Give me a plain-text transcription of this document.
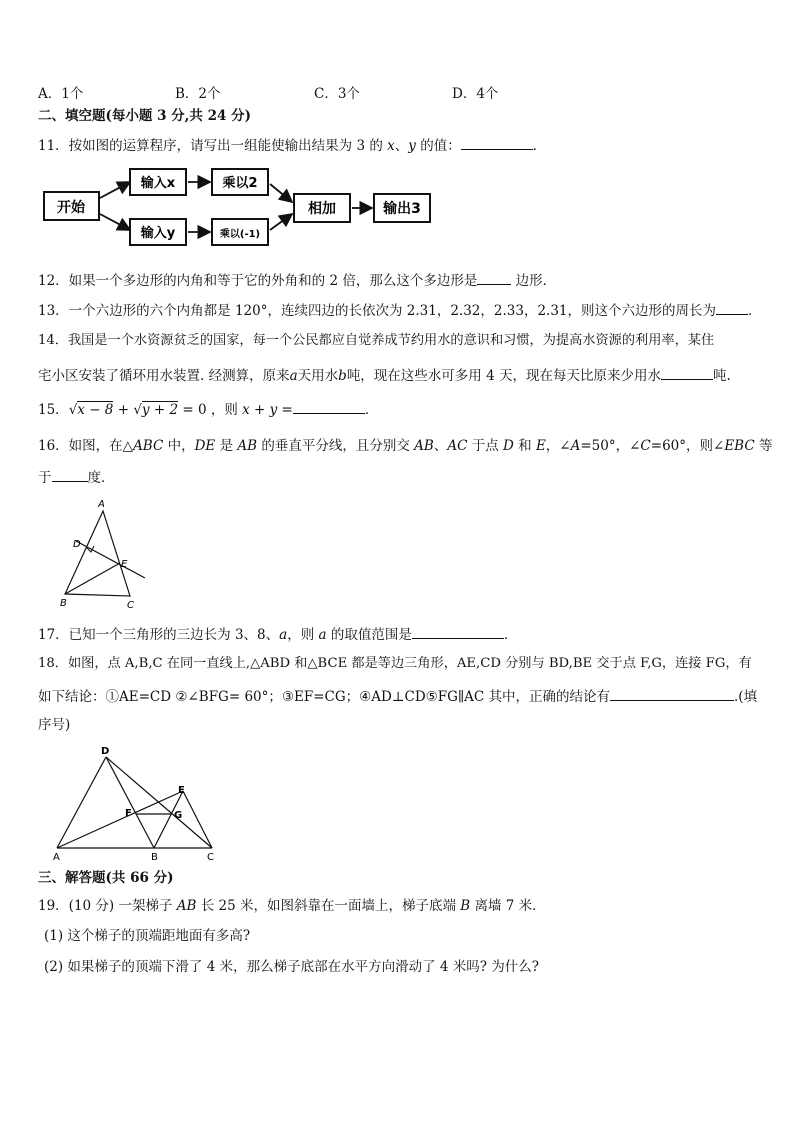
A．1个	B．2个	C．3个	D．4个
二、填空题(每小题 3 分,共 24 分)
11．按如图的运算程序，请写出一组能使输出结果为 3 的 x、y 的值：	．
开始
输入x
输入y
乘以2
乘以(-1)
相加	输出3
12．如果一个多边形的内角和等于它的外角和的 2 倍，那么这个多边形是	边形．
13．一个六边形的六个内角都是 120°，连续四边的长依次为 2.31，2.32，2.33，2.31，则这个六边形的周长为 ．
14．我国是一个水资源贫乏的国家，每一个公民都应自觉养成节约用水的意识和习惯，为提高水资源的利用率，某住
宅小区安装了循环用水装置. 经测算，原来a天用水b吨，现在这些水可多用 4 天，现在每天比原来少用水	吨.
15．√x − 8 + √y + 2 = 0 ，则 x + y =	．
16．如图，在△ABC 中，DE 是 AB 的垂直平分线，且分别交 AB、AC 于点 D 和 E，∠A=50°，∠C=60°，则∠EBC 等
于	度．
A
D
E
B	C
17．已知一个三角形的三边长为 3、8、a，则 a 的取值范围是	．
18．如图，点 A,B,C 在同一直线上,△ABD 和△BCE 都是等边三角形，AE,CD 分别与 BD,BE 交于点 F,G，连接 FG，有
如下结论：①AE=CD ②∠BFG= 60°；③EF=CG；④AD⊥CD⑤FG∥AC 其中，正确的结论有	.(填
序号)
D
E
F	G
A	B	C
三、解答题(共 66 分)
19．(10 分) 一架梯子 AB 长 25 米，如图斜靠在一面墙上，梯子底端 B 离墙 7 米．
(1) 这个梯子的顶端距地面有多高?
(2) 如果梯子的顶端下滑了 4 米，那么梯子底部在水平方向滑动了 4 米吗? 为什么?
